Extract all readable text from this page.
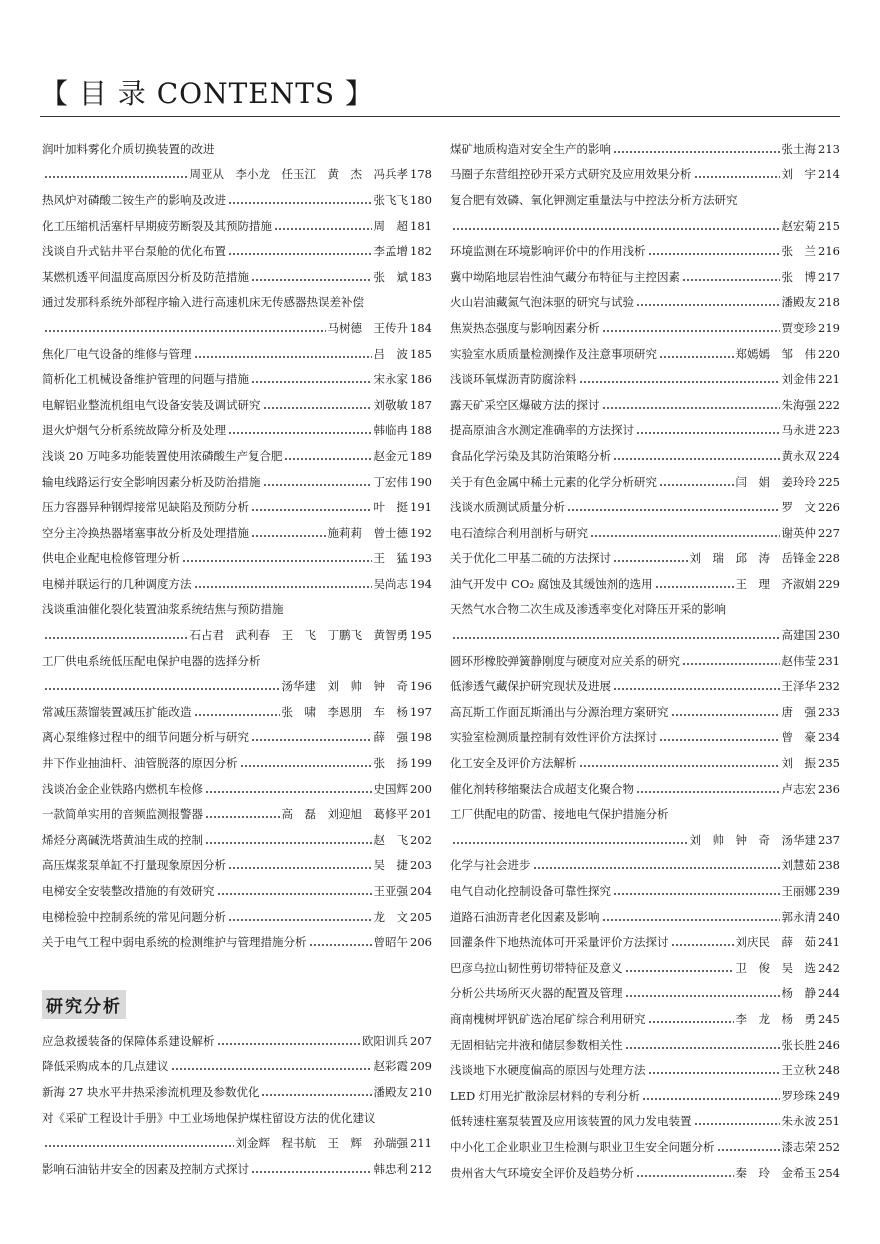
【 目 录 CONTENTS 】
润叶加料雾化介质切换装置的改进
周亚从　李小龙　任玉江　黄　杰　冯兵孝 178
热风炉对磷酸二铵生产的影响及改进	张飞飞 180
化工压缩机活塞杆早期疲劳断裂及其预防措施	周　超 181
浅谈自升式钻井平台泵舱的优化布置	李孟增 182
某燃机透平间温度高原因分析及防范措施	张　斌 183
通过发那科系统外部程序输入进行高速机床无传感器热误差补偿
马树德　王传升 184
焦化厂电气设备的维修与管理	吕　波 185
简析化工机械设备维护管理的问题与措施	宋永家 186
电解铝业整流机组电气设备安装及调试研究	刘敬敏 187
退火炉烟气分析系统故障分析及处理	韩临冉 188
浅谈 20 万吨多功能装置使用浓磷酸生产复合肥	赵金元 189
输电线路运行安全影响因素分析及防治措施	丁宏伟 190
压力容器异种钢焊接常见缺陷及预防分析	叶　挺 191
空分主冷换热器堵塞事故分析及处理措施	施莉莉　曾士德 192
供电企业配电检修管理分析	王　猛 193
电梯并联运行的几种调度方法	吴尚志 194
浅谈重油催化裂化装置油浆系统结焦与预防措施
石占君　武利春　王　飞　丁鹏飞　黄智勇 195
工厂供电系统低压配电保护电器的选择分析
汤华建　刘　帅　钟　奇 196
常减压蒸馏装置减压扩能改造	张　啸　李恩朋　车　杨 197
离心泵维修过程中的细节问题分析与研究	薛　强 198
井下作业抽油杆、油管脱落的原因分析	张　扬 199
浅谈冶金企业铁路内燃机车检修	史国辉 200
一款简单实用的音频监测报警器	高　磊　刘迎旭　葛修平 201
烯烃分离碱洗塔黄油生成的控制	赵　飞 202
高压煤浆泵单缸不打量现象原因分析	吴　捷 203
电梯安全安装整改措施的有效研究	王亚强 204
电梯检验中控制系统的常见问题分析	龙　文 205
关于电气工程中弱电系统的检测维护与管理措施分析	曾昭午 206
研究分析
应急救援装备的保障体系建设解析	欧阳训兵 207
降低采购成本的几点建议	赵彩霞 209
新海 27 块水平井热采渗流机理及参数优化	潘殿友 210
对《采矿工程设计手册》中工业场地保护煤柱留设方法的优化建议
刘金辉　程书航　王　辉　孙瑞强 211
影响石油钻井安全的因素及控制方式探讨	韩忠利 212
煤矿地质构造对安全生产的影响	张土海 213
马圈子东营组控砂开采方式研究及应用效果分析	刘　宇 214
复合肥有效磷、氧化钾测定重量法与中控法分析方法研究
赵宏菊 215
环境监测在环境影响评价中的作用浅析	张　兰 216
冀中坳陷地层岩性油气藏分布特征与主控因素	张　博 217
火山岩油藏氮气泡沫驱的研究与试验	潘殿友 218
焦炭热态强度与影响因素分析	贾变珍 219
实验室水质质量检测操作及注意事项研究	郑嫣嫣　邹　伟 220
浅谈环氧煤沥青防腐涂料	刘金伟 221
露天矿采空区爆破方法的探讨	朱海强 222
提高原油含水测定准确率的方法探讨	马永进 223
食品化学污染及其防治策略分析	黄永双 224
关于有色金属中稀土元素的化学分析研究	闫　娟　姜玲玲 225
浅谈水质测试质量分析	罗　文 226
电石渣综合利用剖析与研究	谢英仲 227
关于优化二甲基二硫的方法探讨	刘　瑞　邱　涛　岳锋金 228
油气开发中 CO₂ 腐蚀及其缓蚀剂的选用	王　理　齐淑娟 229
天然气水合物二次生成及渗透率变化对降压开采的影响
高建国 230
圆环形橡胶弹簧静刚度与硬度对应关系的研究	赵伟莹 231
低渗透气藏保护研究现状及进展	王泽华 232
高瓦斯工作面瓦斯涌出与分源治理方案研究	唐　强 233
实验室检测质量控制有效性评价方法探讨	曾　豪 234
化工安全及评价方法解析	刘　振 235
催化剂转移缩聚法合成超支化聚合物	卢志宏 236
工厂供配电的防雷、接地电气保护措施分析
刘　帅　钟　奇　汤华建 237
化学与社会进步	刘慧茹 238
电气自动化控制设备可靠性探究	王丽娜 239
道路石油沥青老化因素及影响	郭永清 240
回灌条件下地热流体可开采量评价方法探讨	刘庆民　薛　茹 241
巴彦乌拉山韧性剪切带特征及意义	卫　俊　吴　选 242
分析公共场所灭火器的配置及管理	杨　静 244
商南槐树坪钒矿选冶尾矿综合利用研究	李　龙　杨　勇 245
无固相钻完井液和储层参数相关性	张长胜 246
浅谈地下水硬度偏高的原因与处理方法	王立秋 248
LED 灯用光扩散涂层材料的专利分析	罗珍珠 249
低转速柱塞泵装置及应用该装置的风力发电装置	朱永波 251
中小化工企业职业卫生检测与职业卫生安全问题分析	漆志荣 252
贵州省大气环境安全评价及趋势分析	秦　玲　金希玉 254
